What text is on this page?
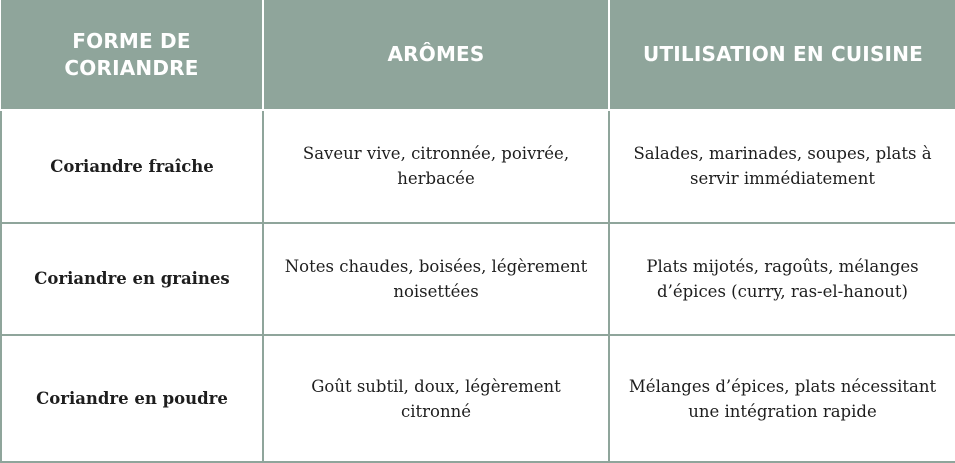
FORME DE CORIANDRE	ARÔMES	UTILISATION EN CUISINE
Coriandre fraîche	Saveur vive, citronnée, poivrée, herbacée	Salades, marinades, soupes, plats à servir immédiatement
Coriandre en graines	Notes chaudes, boisées, légèrement noisettées	Plats mijotés, ragoûts, mélanges d’épices (curry, ras-el-hanout)
Coriandre en poudre	Goût subtil, doux, légèrement citronné	Mélanges d’épices, plats nécessitant une intégration rapide
